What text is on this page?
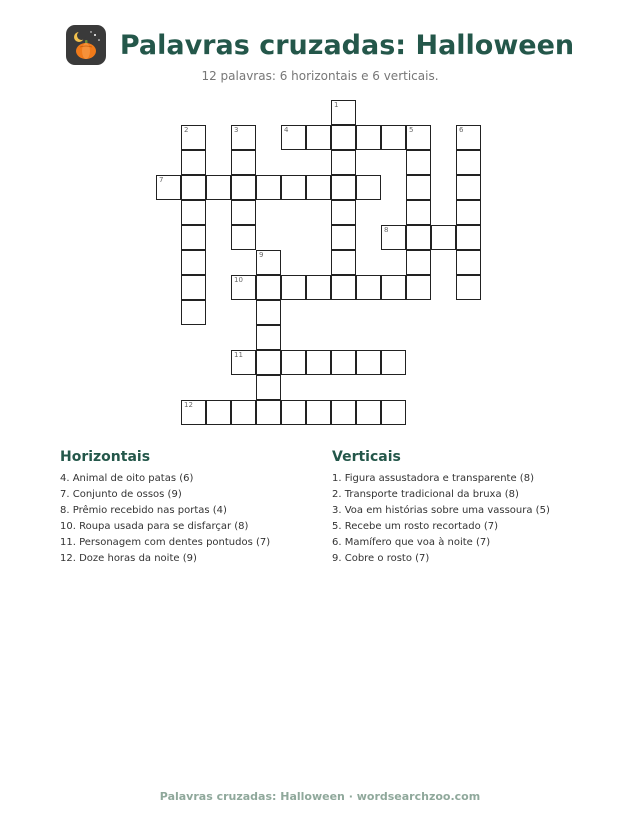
Palavras cruzadas: Halloween
12 palavras: 6 horizontais e 6 verticais.
1
2	3	4	5	6
7
8
9
10
11
12
Horizontais
4. Animal de oito patas (6)
7. Conjunto de ossos (9)
8. Prêmio recebido nas portas (4)
10. Roupa usada para se disfarçar (8)
11. Personagem com dentes pontudos (7)
12. Doze horas da noite (9)
Verticais
1. Figura assustadora e transparente (8)
2. Transporte tradicional da bruxa (8)
3. Voa em histórias sobre uma vassoura (5)
5. Recebe um rosto recortado (7)
6. Mamífero que voa à noite (7)
9. Cobre o rosto (7)
Palavras cruzadas: Halloween · wordsearchzoo.com
